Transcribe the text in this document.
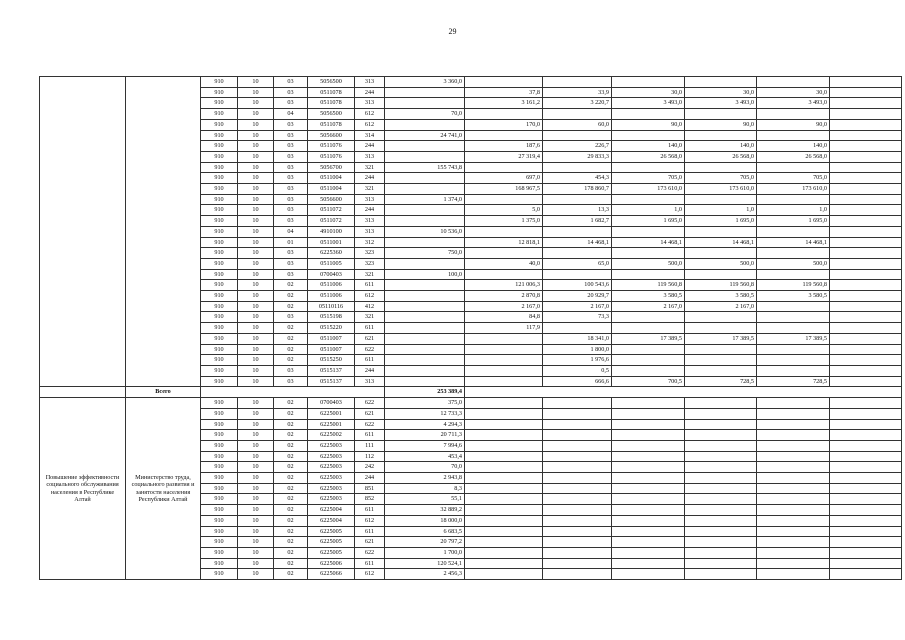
29
		910	10	03	5056500	313	3 360,0						
		910	10	03	0511078	244		37,8	33,9	30,0	30,0	30,0	
		910	10	03	0511078	313		3 161,2	3 220,7	3 493,0	3 493,0	3 493,0	
		910	10	04	5056500	612	70,0						
		910	10	03	0511078	612		170,0	60,0	90,0	90,0	90,0	
		910	10	03	5056600	314	24 741,0						
		910	10	03	0511076	244		187,6	226,7	140,0	140,0	140,0	
		910	10	03	0511076	313		27 319,4	29 833,3	26 568,0	26 568,0	26 568,0	
		910	10	03	5056700	321	155 743,8						
		910	10	03	0511004	244		697,0	454,3	705,0	705,0	705,0	
		910	10	03	0511004	321		168 967,5	178 860,7	173 610,0	173 610,0	173 610,0	
		910	10	03	5056600	313	1 374,0						
		910	10	03	0511072	244		5,0	13,3	1,0	1,0	1,0	
		910	10	03	0511072	313		1 375,0	1 682,7	1 695,0	1 695,0	1 695,0	
		910	10	04	4910100	313	10 536,0						
		910	10	01	0511001	312		12 818,1	14 468,1	14 468,1	14 468,1	14 468,1	
		910	10	03	6225360	323	750,0						
		910	10	03	0511005	323		40,0	65,0	500,0	500,0	500,0	
		910	10	03	0700403	321	100,0						
		910	10	02	0511006	611		121 006,3	100 543,6	119 560,8	119 560,8	119 560,8	
		910	10	02	0511006	612		2 870,8	20 929,7	3 580,5	3 580,5	3 580,5	
		910	10	02	05110116	412		2 167,0	2 167,0	2 167,0	2 167,0		
		910	10	03	0515198	321		84,8	73,3				
		910	10	02	0515220	611		117,9					
		910	10	02	0511007	621			18 341,0	17 389,5	17 389,5	17 389,5	
		910	10	02	0511007	622			1 800,0				
		910	10	02	0515250	611			1 976,6				
		910	10	03	0515137	244			0,5				
		910	10	03	0515137	313			666,6	700,5	728,5	728,5	
	Всего						253 389,4						
Повышение эффективности социального обслуживания населения в Республике Алтай	Министерство труда, социального развития и занятости населения Республики Алтай	910	10	02	0700403	622	375,0						
		910	10	02	6225001	621	12 733,3						
		910	10	02	6225001	622	4 294,3						
		910	10	02	6225002	611	20 711,3						
		910	10	02	6225003	111	7 994,6						
		910	10	02	6225003	112	453,4						
		910	10	02	6225003	242	70,0						
		910	10	02	6225003	244	2 943,8						
		910	10	02	6225003	851	8,3						
		910	10	02	6225003	852	55,1						
		910	10	02	6225004	611	32 889,2						
		910	10	02	6225004	612	18 000,0						
		910	10	02	6225005	611	6 683,5						
		910	10	02	6225005	621	20 797,2						
		910	10	02	6225005	622	1 700,0						
		910	10	02	6225006	611	120 524,1						
		910	10	02	6225066	612	2 456,3						
